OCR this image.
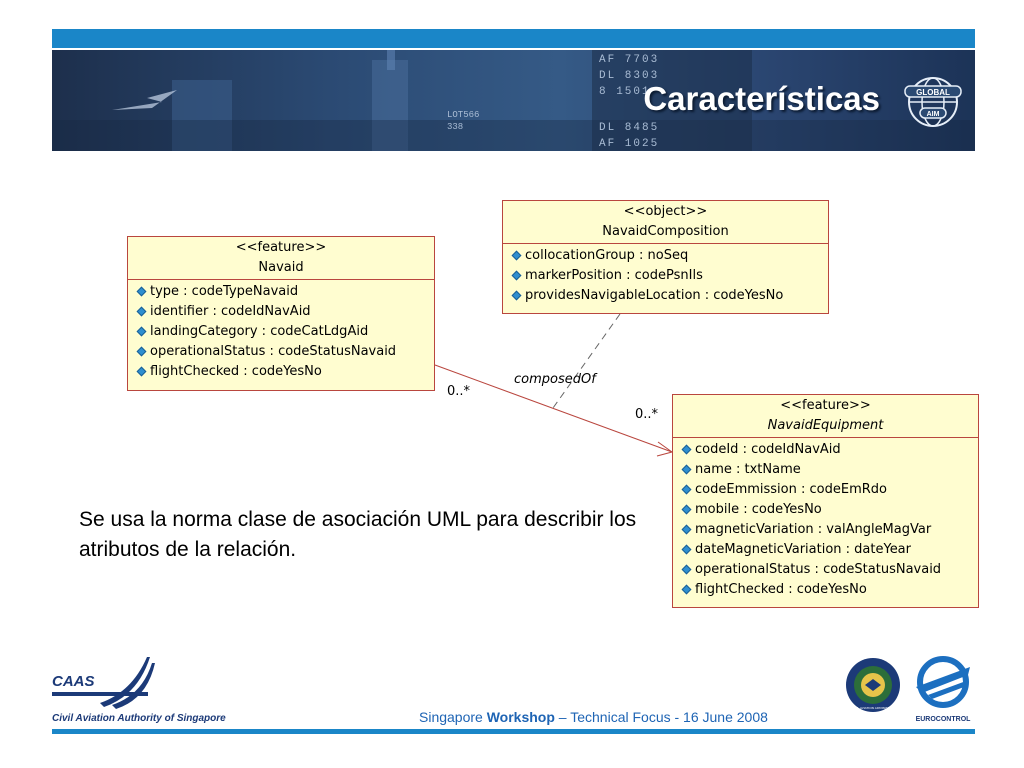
AF 7703
DL 8303
8 1501
DL 8485
AF 1025
LOT566
338
Características	GLOBAL
AIM
<<feature>>
Navaid
type : codeTypeNavaid
identifier : codeIdNavAid
landingCategory : codeCatLdgAid
operationalStatus : codeStatusNavaid
flightChecked : codeYesNo
<<object>>
NavaidComposition
collocationGroup : noSeq
markerPosition : codePsnIls
providesNavigableLocation : codeYesNo
<<feature>>
NavaidEquipment
codeId : codeIdNavAid
name : txtName
codeEmmission : codeEmRdo
mobile : codeYesNo
magneticVariation : valAngleMagVar
dateMagneticVariation : dateYear
operationalStatus : codeStatusNavaid
flightChecked : codeYesNo
composedOf
0..*
0..*
Se usa la norma clase de asociación UML para describir los atributos de la relación.
CAAS
Civil Aviation Authority of Singapore	Singapore Workshop – Technical Focus - 16 June 2008
FEDERAL AVIATION ADMINISTRATION
EUROCONTROL
